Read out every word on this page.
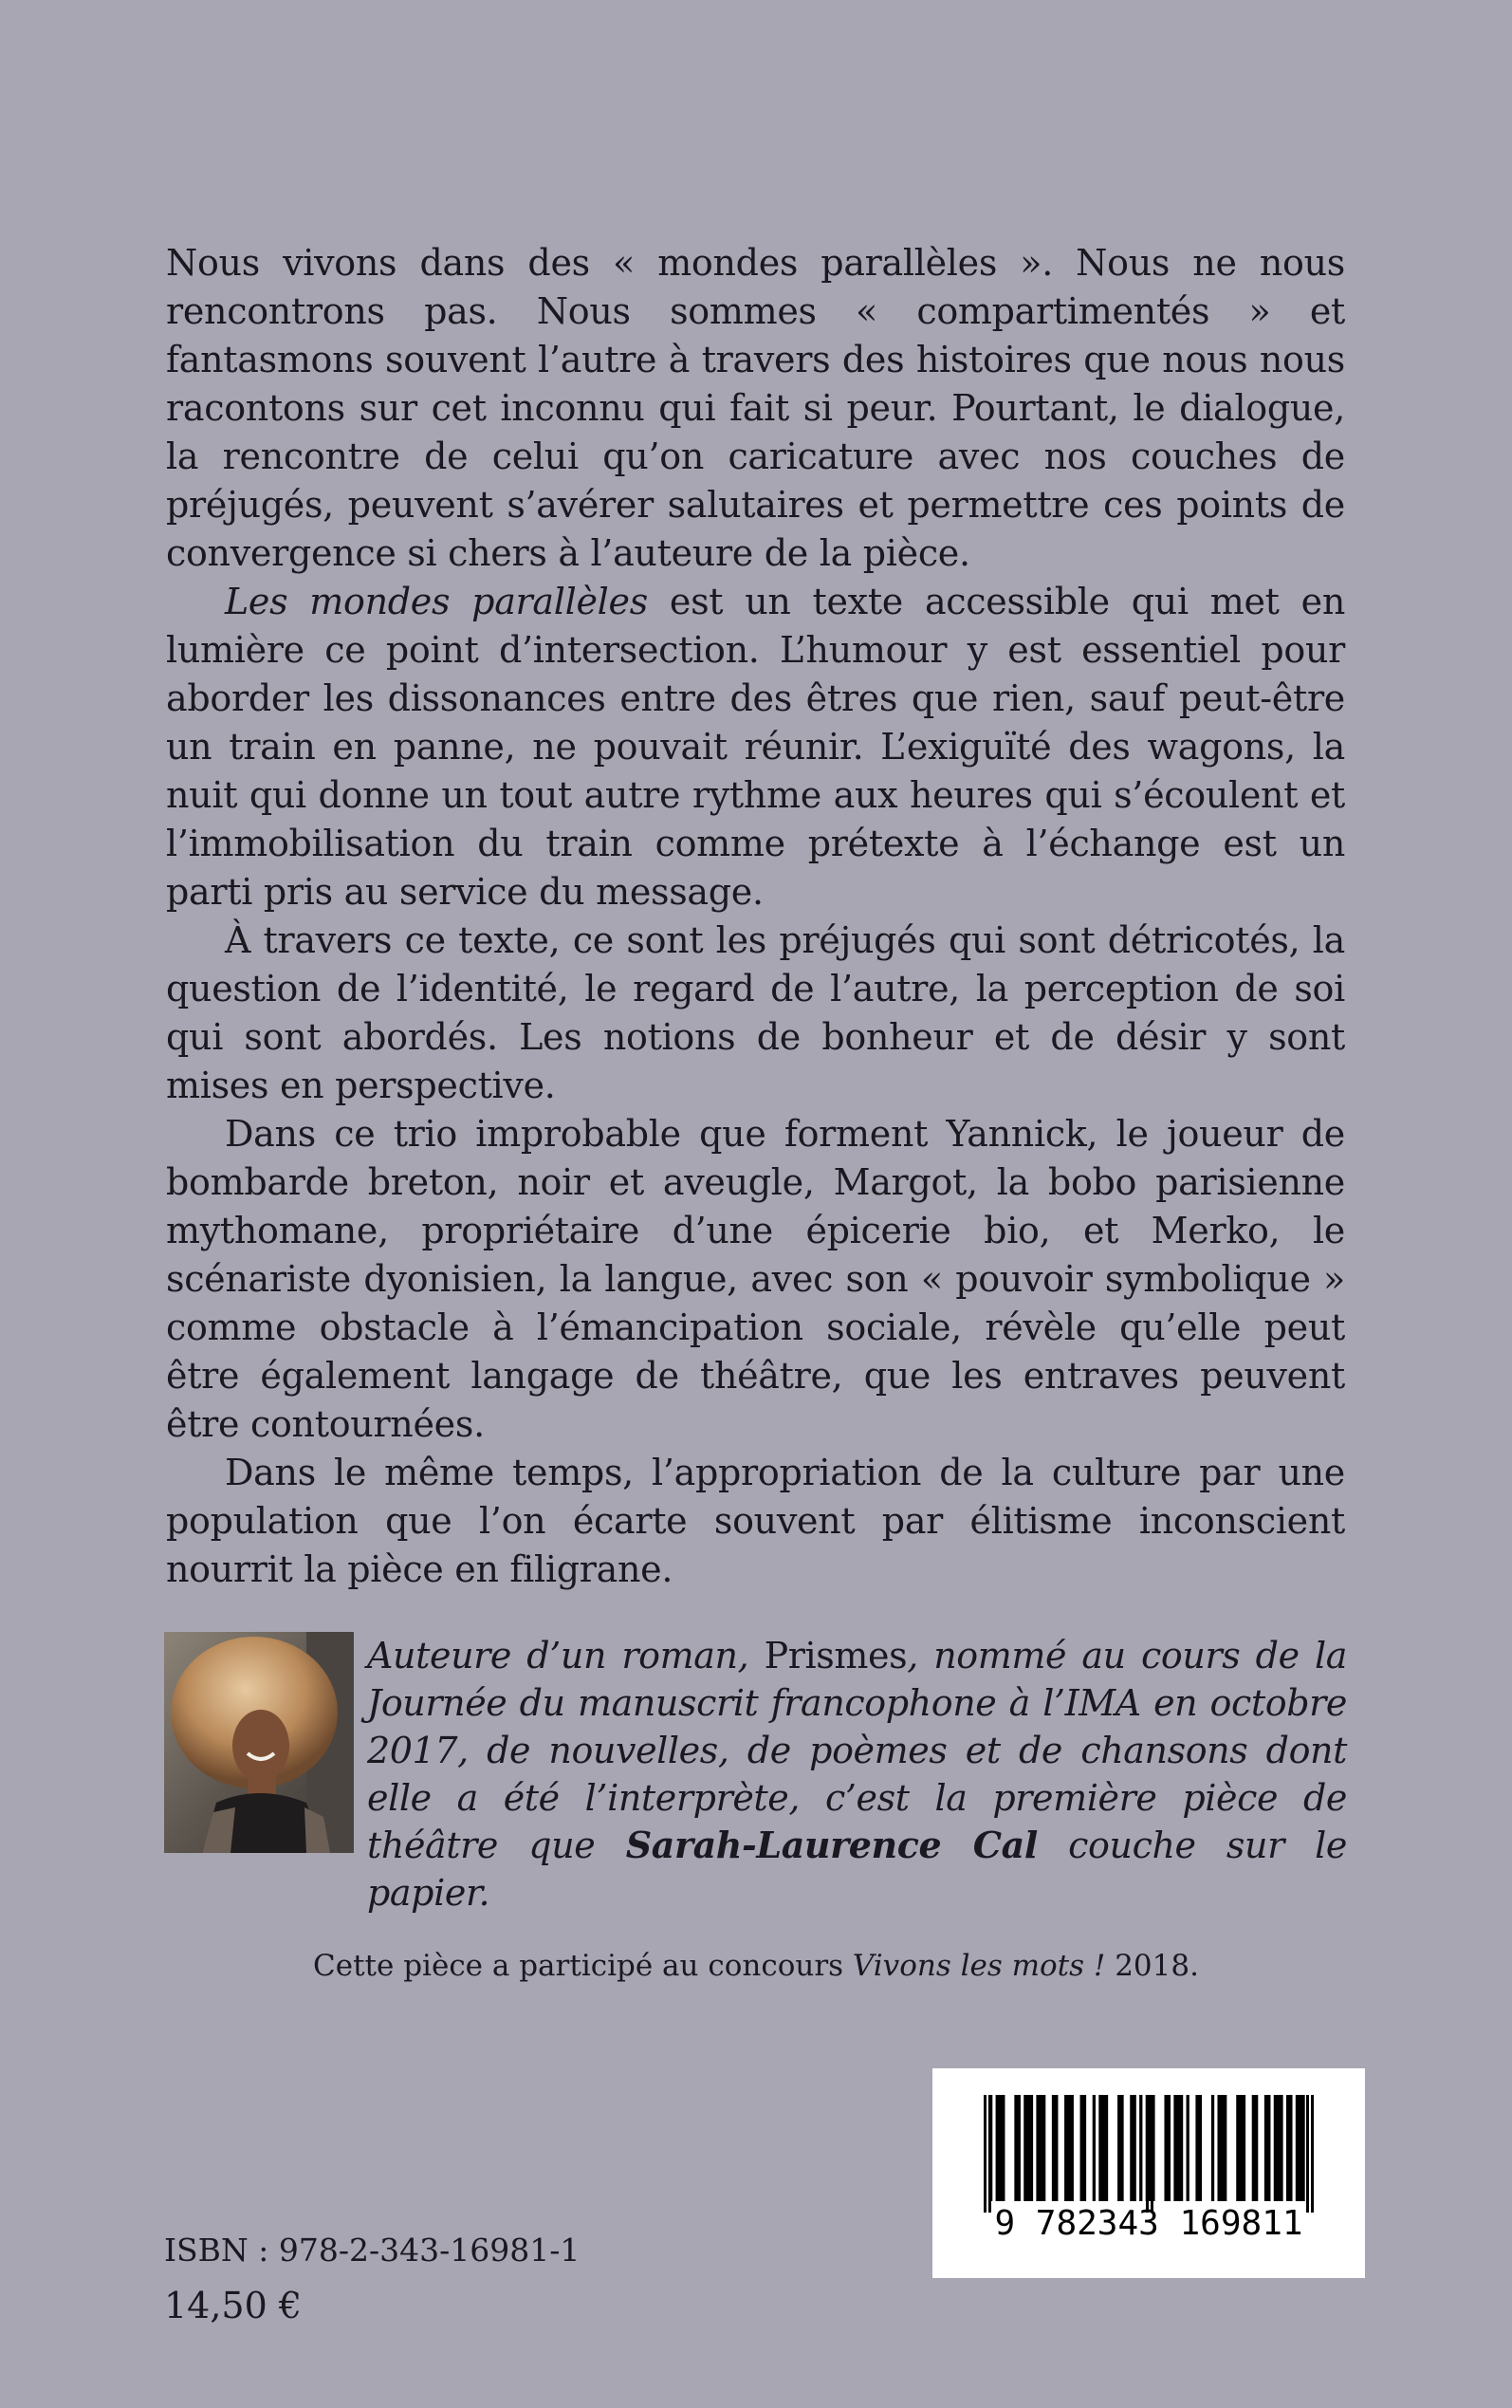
Nous vivons dans des « mondes parallèles ». Nous ne nous rencontrons pas. Nous sommes « compartimentés » et fantasmons souvent l’autre à travers des histoires que nous nous racontons sur cet inconnu qui fait si peur. Pourtant, le dialogue, la rencontre de celui qu’on caricature avec nos couches de préjugés, peuvent s’avérer salutaires et permettre ces points de convergence si chers à l’auteure de la pièce.

Les mondes parallèles est un texte accessible qui met en lumière ce point d’intersection. L’humour y est essentiel pour aborder les dissonances entre des êtres que rien, sauf peut-être un train en panne, ne pouvait réunir. L’exiguïté des wagons, la nuit qui donne un tout autre rythme aux heures qui s’écoulent et l’immobilisation du train comme prétexte à l’échange est un parti pris au service du message.

À travers ce texte, ce sont les préjugés qui sont détricotés, la question de l’identité, le regard de l’autre, la perception de soi qui sont abordés. Les notions de bonheur et de désir y sont mises en perspective.

Dans ce trio improbable que forment Yannick, le joueur de bombarde breton, noir et aveugle, Margot, la bobo parisienne mythomane, propriétaire d’une épicerie bio, et Merko, le scénariste dyonisien, la langue, avec son « pouvoir symbolique » comme obstacle à l’émancipation sociale, révèle qu’elle peut être également langage de théâtre, que les entraves peuvent être contournées.

Dans le même temps, l’appropriation de la culture par une population que l’on écarte souvent par élitisme inconscient nourrit la pièce en filigrane.

Auteure d’un roman, Prismes, nommé au cours de la Journée du manuscrit francophone à l’IMA en octobre 2017, de nouvelles, de poèmes et de chansons dont elle a été l’interprète, c’est la première pièce de théâtre que Sarah-Laurence Cal couche sur le papier.
Cette pièce a participé au concours Vivons les mots ! 2018.
9 782343 169811
ISBN : 978-2-343-16981-1
14,50 €
